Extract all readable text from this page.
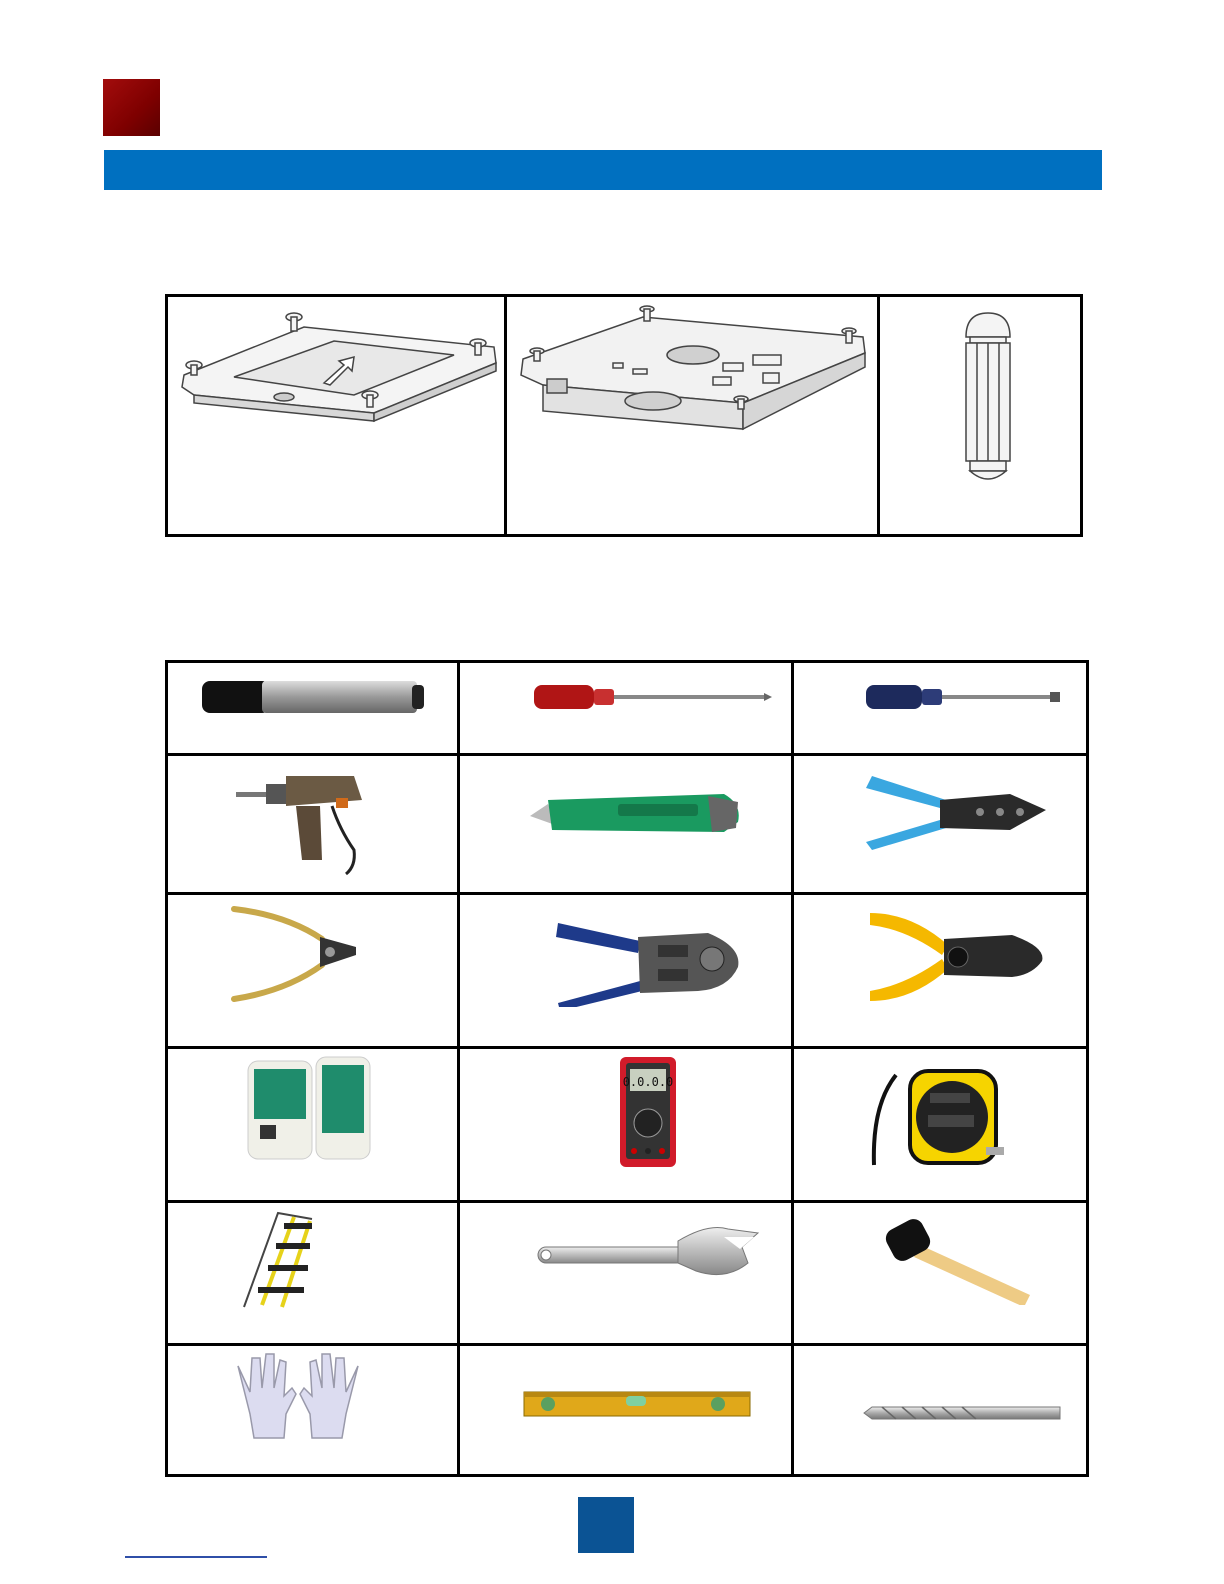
0.0.0.0
